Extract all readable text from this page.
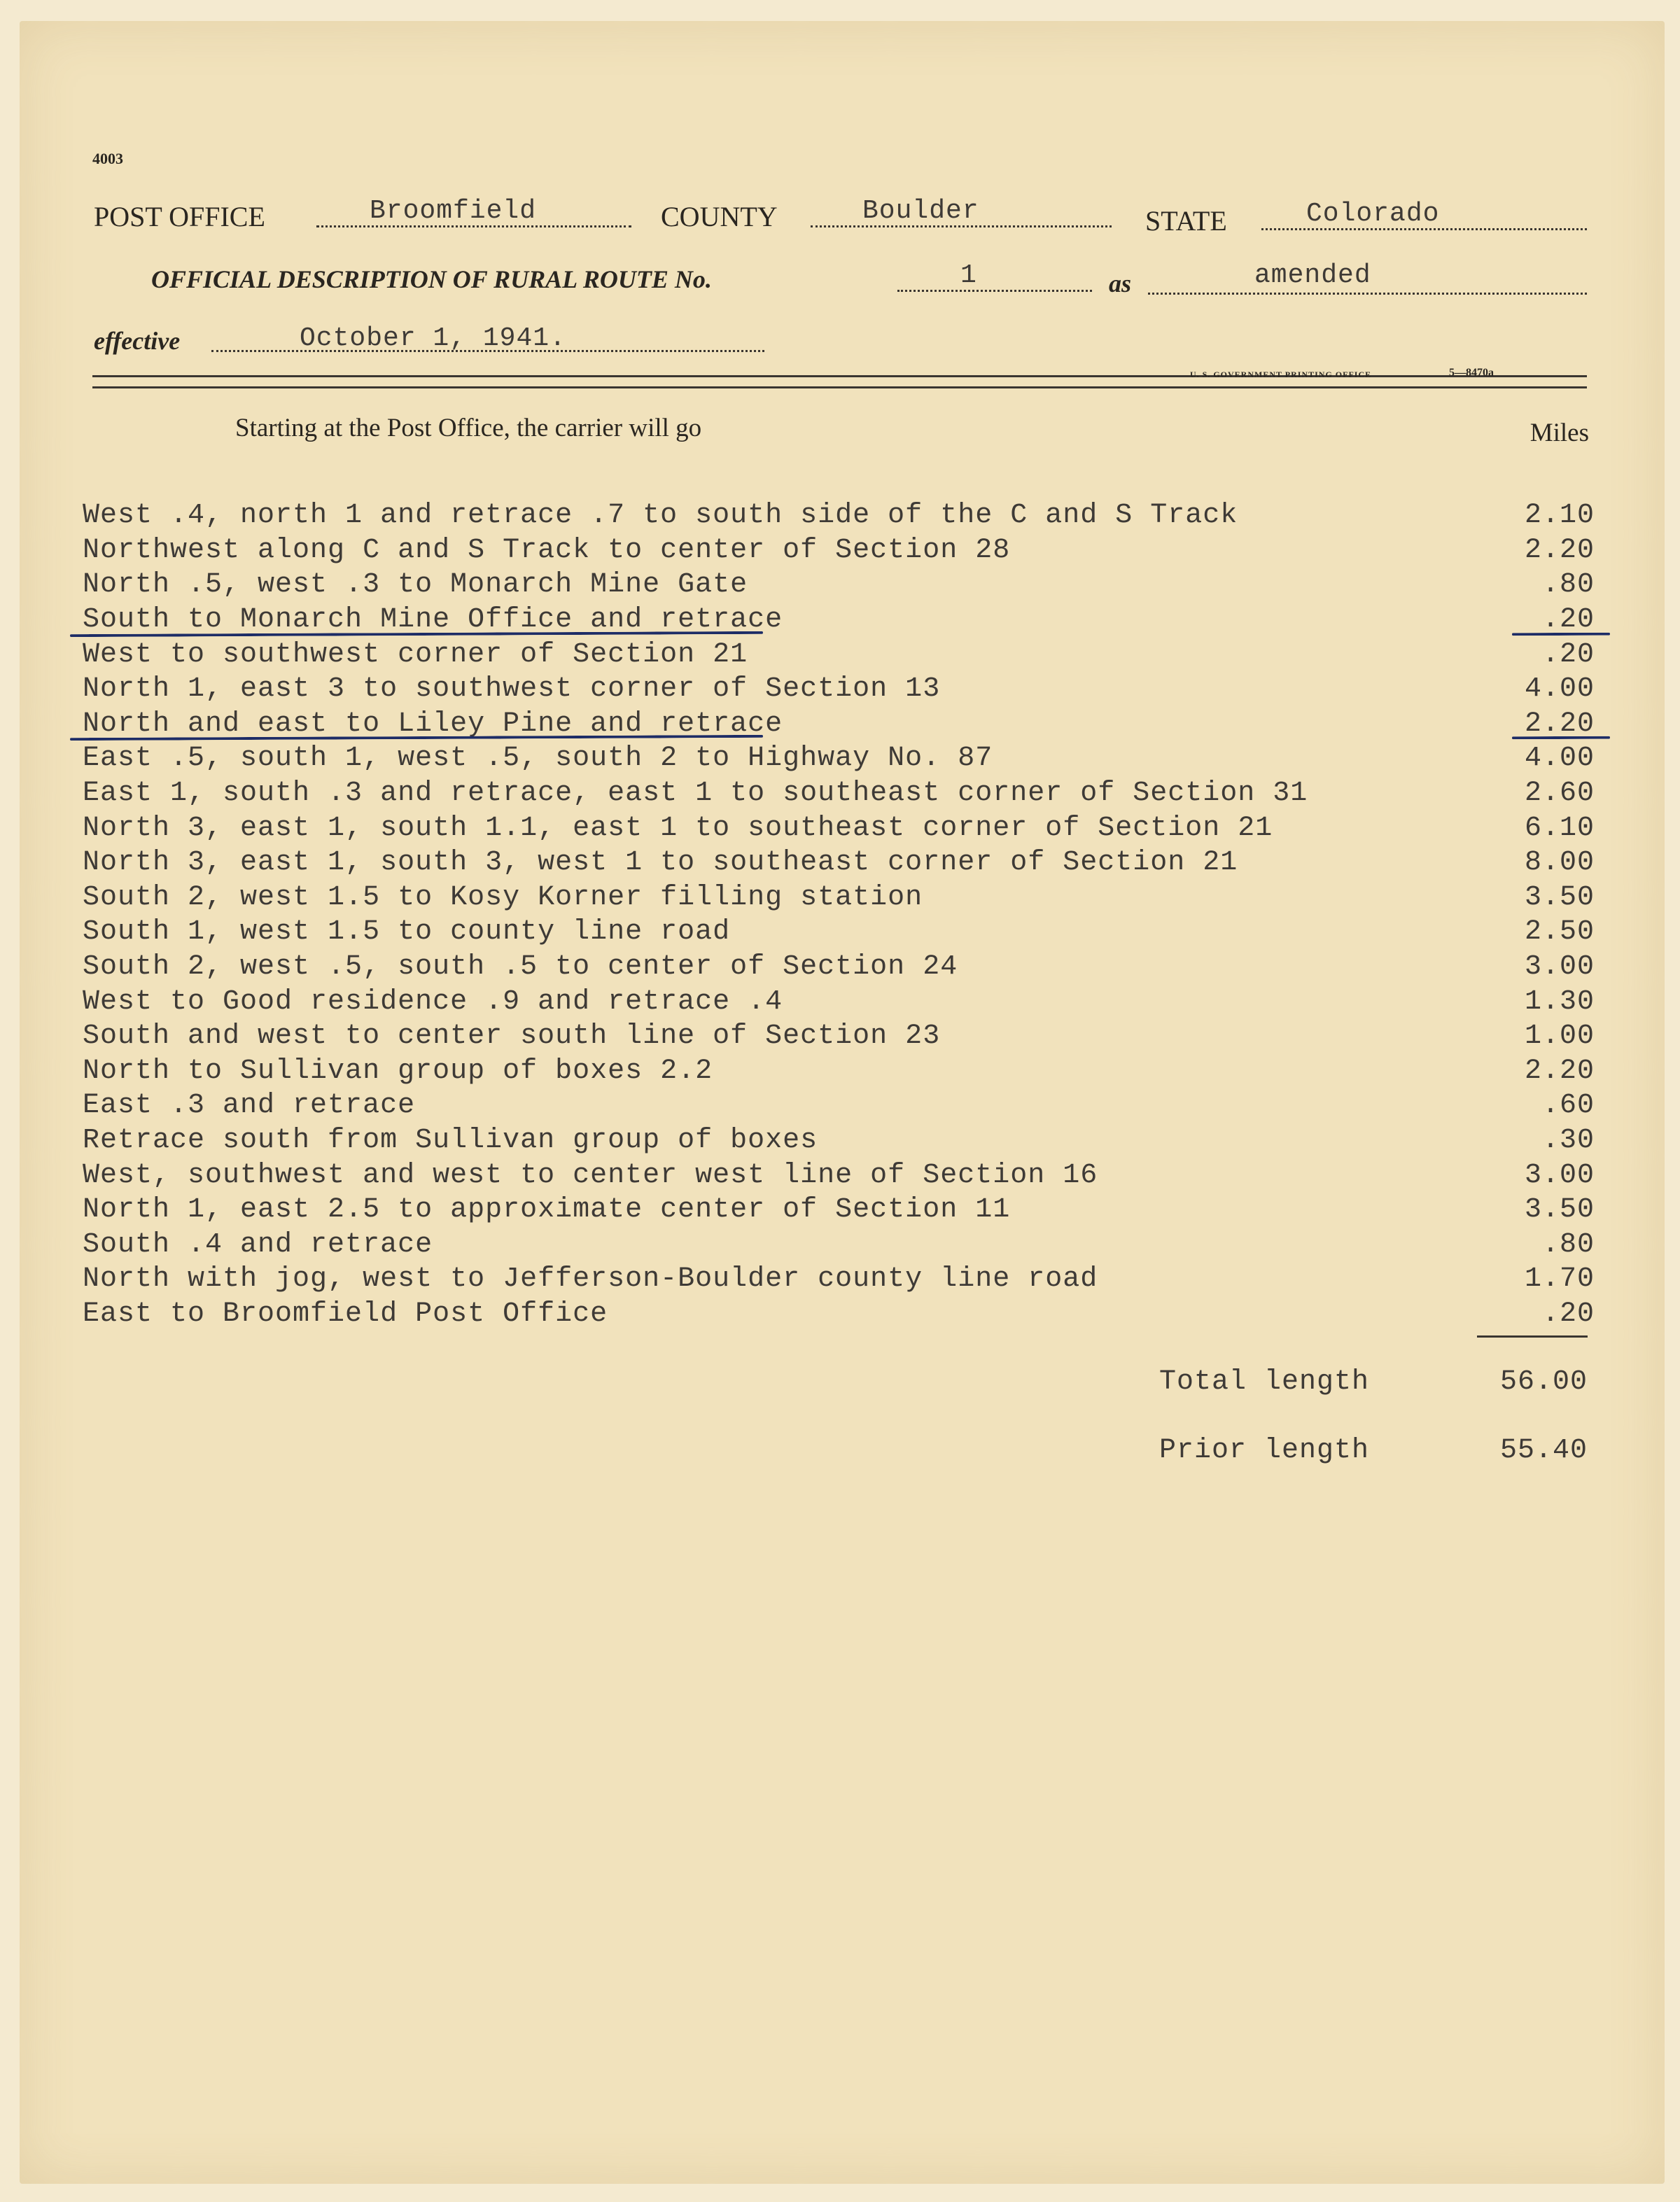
4003
POST OFFICE	Broomfield	COUNTY	Boulder	STATE	Colorado
OFFICIAL DESCRIPTION OF RURAL ROUTE No.	1	as	amended
effective	October 1, 1941.
U. S. GOVERNMENT PRINTING OFFICE	5—8470a
Starting at the Post Office, the carrier will go	Miles
West .4, north 1 and retrace .7 to south side of the C and S Track	2.10
Northwest along C and S Track to center of Section 28	2.20
North .5, west .3 to Monarch Mine Gate	.80
South to Monarch Mine Office and retrace	.20
West to southwest corner of Section 21	.20
North 1, east 3 to southwest corner of Section 13	4.00
North and east to Liley Pine and retrace	2.20
East .5, south 1, west .5, south 2 to Highway No. 87	4.00
East 1, south .3 and retrace, east 1 to southeast corner of Section 31	2.60
North 3, east 1, south 1.1, east 1 to southeast corner of Section 21	6.10
North 3, east 1, south 3, west 1 to southeast corner of Section 21	8.00
South 2, west 1.5 to Kosy Korner filling station	3.50
South 1, west 1.5 to county line road	2.50
South 2, west .5, south .5 to center of Section 24	3.00
West to Good residence .9 and retrace .4	1.30
South and west to center south line of Section 23	1.00
North to Sullivan group of boxes 2.2	2.20
East .3 and retrace	.60
Retrace south from Sullivan group of boxes	.30
West, southwest and west to center west line of Section 16	3.00
North 1, east 2.5 to approximate center of Section 11	3.50
South .4 and retrace	.80
North with jog, west to Jefferson-Boulder county line road	1.70
East to Broomfield Post Office	.20
Total length	56.00
Prior length	55.40
